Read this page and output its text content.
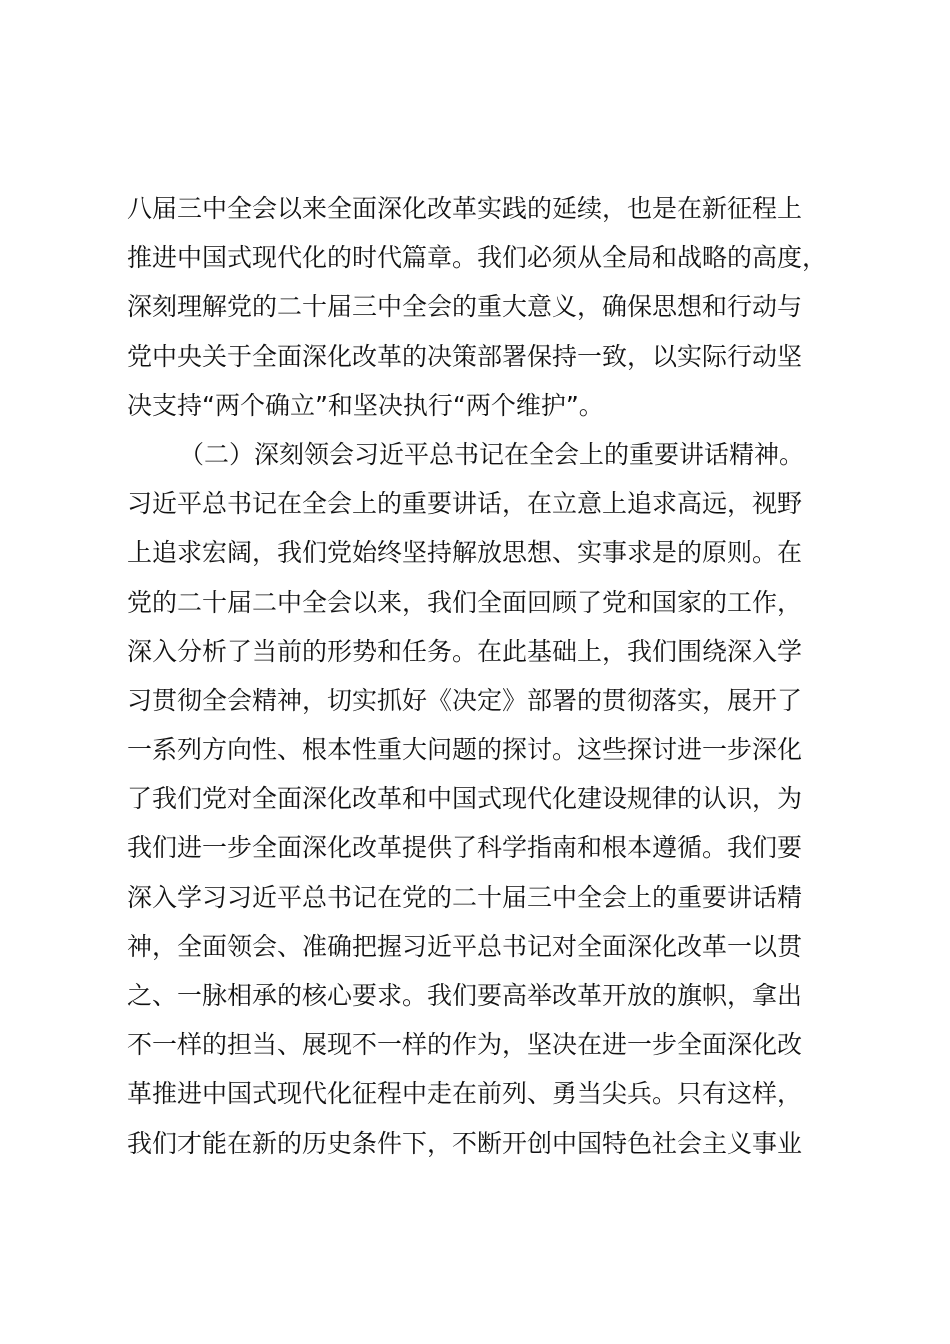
八届三中全会以来全面深化改革实践的延续，也是在新征程上
推进中国式现代化的时代篇章。我们必须从全局和战略的高度，
深刻理解党的二十届三中全会的重大意义，确保思想和行动与
党中央关于全面深化改革的决策部署保持一致，以实际行动坚
决支持“两个确立”和坚决执行“两个维护”。
（二）深刻领会习近平总书记在全会上的重要讲话精神。
习近平总书记在全会上的重要讲话，在立意上追求高远，视野
上追求宏阔，我们党始终坚持解放思想、实事求是的原则。在
党的二十届二中全会以来，我们全面回顾了党和国家的工作，
深入分析了当前的形势和任务。在此基础上，我们围绕深入学
习贯彻全会精神，切实抓好《决定》部署的贯彻落实，展开了
一系列方向性、根本性重大问题的探讨。这些探讨进一步深化
了我们党对全面深化改革和中国式现代化建设规律的认识，为
我们进一步全面深化改革提供了科学指南和根本遵循。我们要
深入学习习近平总书记在党的二十届三中全会上的重要讲话精
神，全面领会、准确把握习近平总书记对全面深化改革一以贯
之、一脉相承的核心要求。我们要高举改革开放的旗帜，拿出
不一样的担当、展现不一样的作为，坚决在进一步全面深化改
革推进中国式现代化征程中走在前列、勇当尖兵。只有这样，
我们才能在新的历史条件下，不断开创中国特色社会主义事业
